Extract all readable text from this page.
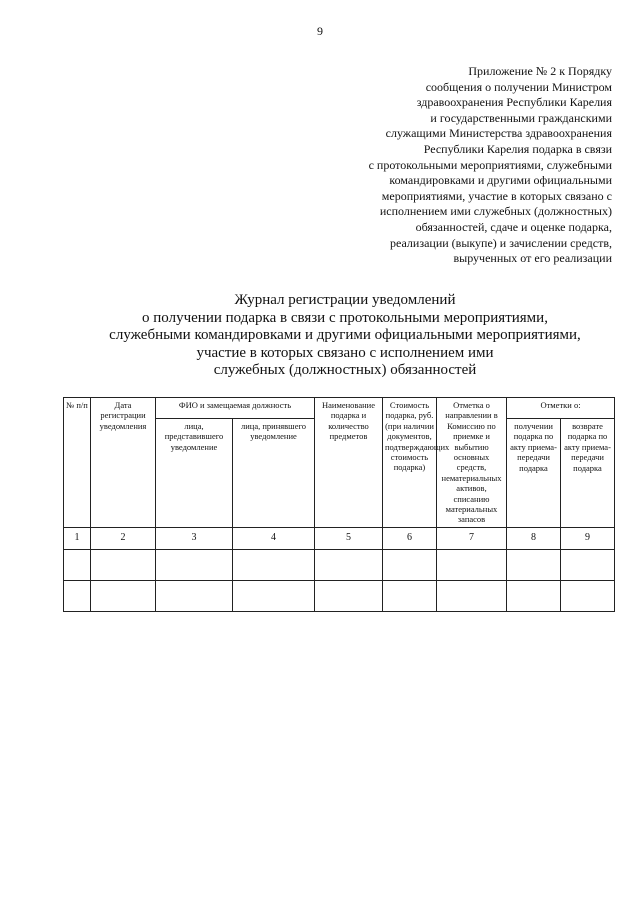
9
Приложение № 2 к Порядку
сообщения о получении Министром
здравоохранения Республики Карелия
и государственными гражданскими
служащими Министерства здравоохранения
Республики Карелия подарка в связи
с протокольными мероприятиями, служебными
командировками и другими официальными
мероприятиями, участие в которых связано с
исполнением ими служебных (должностных)
обязанностей, сдаче и оценке подарка,
реализации (выкупе) и зачислении средств,
вырученных от его реализации
Журнал регистрации уведомлений
о получении подарка в связи с протокольными мероприятиями,
служебными командировками и другими официальными мероприятиями,
участие в которых связано с исполнением ими
служебных (должностных) обязанностей
№ п/п	Дата регистрации уведомления	ФИО и замещаемая должность		Наименование подарка и количество предметов	Стоимость подарка, руб. (при наличии документов, подтверждающих стоимость подарка)	Отметка о направлении в Комиссию по приемке и выбытию основных средств, нематериальных активов, списанию материальных запасов	Отметки о:	
		лица, представившего уведомление	лица, принявшего уведомление				получении подарка по акту приема-передачи подарка	возврате подарка по акту приема-передачи подарка
1	2	3	4	5	6	7	8	9
